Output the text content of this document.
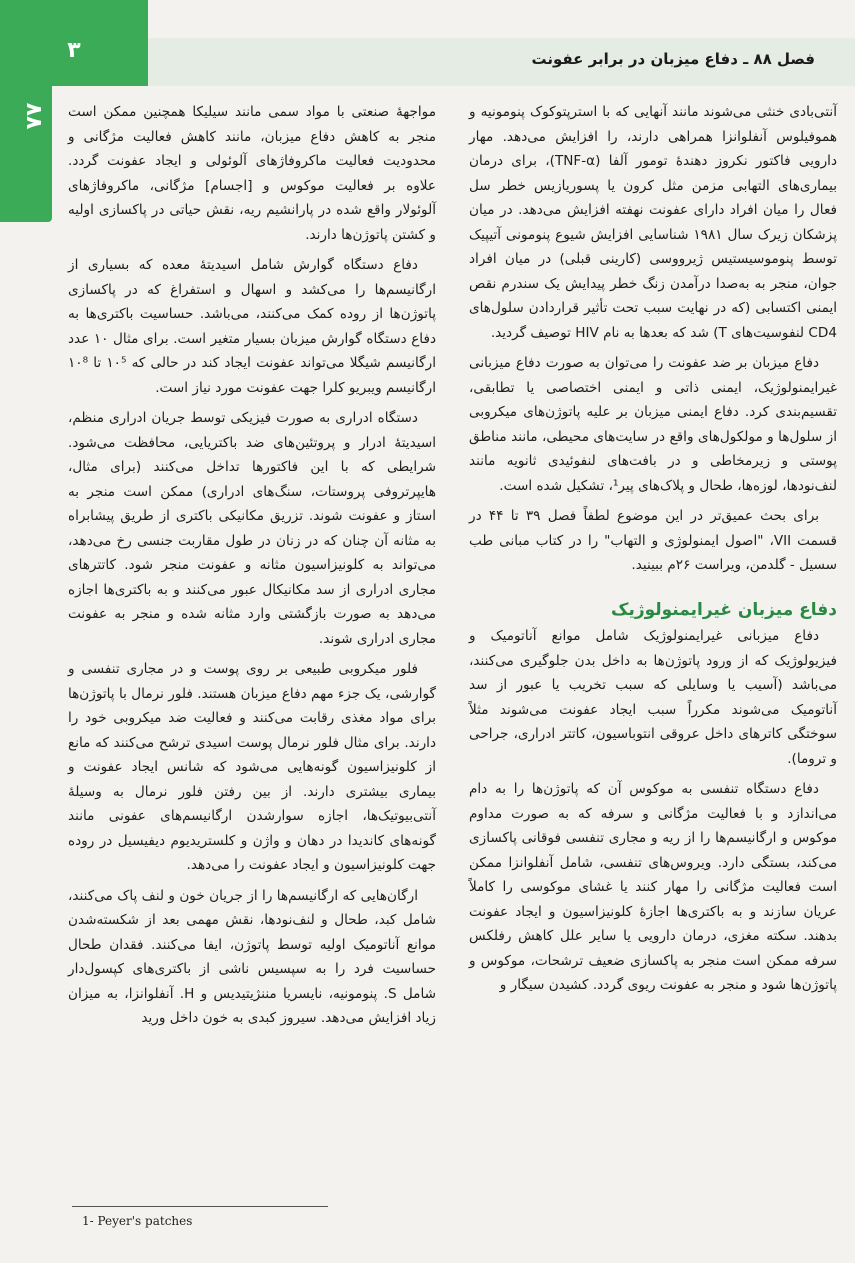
۳	فصل ۸۸ ـ دفاع میزبان در برابر عفونت
۸۸	آنتی‌بادی خنثی می‌شوند مانند آنهایی که با استرپتوکوک پنومونیه و هموفیلوس آنفلوانزا همراهی دارند، را افزایش می‌دهد. مهار دارویی فاکتور نکروز دهندهٔ تومور آلفا (TNF-α)، برای درمان بیماری‌های التهابی مزمن مثل کرون یا پسوریازیس خطر سل فعال را میان افراد دارای عفونت نهفته افزایش می‌دهد. در میان پزشکان زیرک سال ۱۹۸۱ شناسایی افزایش شیوع پنومونی آتیپیک توسط پنوموسیستیس ژیرووسی (کارینی قبلی) در میان افراد جوان، منجر به به‌صدا درآمدن زنگ خطر پیدایش یک سندرم نقص ایمنی اکتسابی (که در نهایت سبب تحت تأثیر قراردادن سلول‌های CD4 لنفوسیت‌های T) شد که بعدها به نام HIV توصیف گردید.

دفاع میزبان بر ضد عفونت را می‌توان به صورت دفاع میزبانی غیرایمنولوژیک، ایمنی ذاتی و ایمنی اختصاصی یا تطابقی، تقسیم‌بندی کرد. دفاع ایمنی میزبان بر علیه پاتوژن‌های میکروبی از سلول‌ها و مولکول‌های واقع در سایت‌های محیطی، مانند مناطق پوستی و زیرمخاطی و در بافت‌های لنفوئیدی ثانویه مانند لنف‌نودها، لوزه‌ها، طحال و پلاک‌های پیر¹، تشکیل شده است.

برای بحث عمیق‌تر در این موضوع لطفاً فصل ۳۹ تا ۴۴ در قسمت VII، "اصول ایمنولوژی و التهاب" را در کتاب مبانی طب سسیل - گلدمن، ویراست ۲۶م ببینید.

دفاع میزبان غیرایمنولوژیک

دفاع میزبانی غیرایمنولوژیک شامل موانع آناتومیک و فیزیولوژیک که از ورود پاتوژن‌ها به داخل بدن جلوگیری می‌کنند، می‌باشد (آسیب یا وسایلی که سبب تخریب یا عبور از سد آناتومیک می‌شوند مکرراً سبب ایجاد عفونت می‌شوند مثلاً سوختگی کاترهای داخل عروقی انتوباسیون، کاتتر ادراری، جراحی و تروما).

دفاع دستگاه تنفسی به موکوس آن که پاتوژن‌ها را به دام می‌اندازد و با فعالیت مژگانی و سرفه که به صورت مداوم موکوس و ارگانیسم‌ها را از ریه و مجاری تنفسی فوقانی پاکسازی می‌کند، بستگی دارد. ویروس‌های تنفسی، شامل آنفلوانزا ممکن است فعالیت مژگانی را مهار کنند یا غشای موکوسی را کاملاً عریان سازند و به باکتری‌ها اجازهٔ کلونیزاسیون و ایجاد عفونت بدهند. سکته مغزی، درمان دارویی یا سایر علل کاهش رفلکس سرفه ممکن است منجر به پاکسازی ضعیف ترشحات، موکوس و پاتوژن‌ها شود و منجر به عفونت ریوی گردد. کشیدن سیگار و

مواجههٔ صنعتی با مواد سمی مانند سیلیکا همچنین ممکن است منجر به کاهش دفاع میزبان، مانند کاهش فعالیت مژگانی و محدودیت فعالیت ماکروفاژهای آلوئولی و ایجاد عفونت گردد. علاوه بر فعالیت موکوس و [اجسام] مژگانی، ماکروفاژهای آلوئولار واقع شده در پارانشیم ریه، نقش حیاتی در پاکسازی اولیه و کشتن پاتوژن‌ها دارند.

دفاع دستگاه گوارش شامل اسیدیتهٔ معده که بسیاری از ارگانیسم‌ها را می‌کشد و اسهال و استفراغ که در پاکسازی پاتوژن‌ها از روده کمک می‌کنند، می‌باشد. حساسیت باکتری‌ها به دفاع دستگاه گوارش میزبان بسیار متغیر است. برای مثال ۱۰ عدد ارگانیسم شیگلا می‌تواند عفونت ایجاد کند در حالی که ۱۰⁵ تا ۱۰⁸ ارگانیسم ویبریو کلرا جهت عفونت مورد نیاز است.

دستگاه ادراری به صورت فیزیکی توسط جریان ادراری منظم، اسیدیتهٔ ادرار و پروتئین‌های ضد باکتریایی، محافظت می‌شود. شرایطی که با این فاکتورها تداخل می‌کنند (برای مثال، هایپرتروفی پروستات، سنگ‌های ادراری) ممکن است منجر به استاز و عفونت شوند. تزریق مکانیکی باکتری از طریق پیشابراه به مثانه آن چنان که در زنان در طول مقاربت جنسی رخ می‌دهد، می‌تواند به کلونیزاسیون مثانه و عفونت منجر شود. کاتترهای مجاری ادراری از سد مکانیکال عبور می‌کنند و به باکتری‌ها اجازه می‌دهد به صورت بازگشتی وارد مثانه شده و منجر به عفونت مجاری ادراری شوند.

فلور میکروبی طبیعی بر روی پوست و در مجاری تنفسی و گوارشی، یک جزء مهم دفاع میزبان هستند. فلور نرمال با پاتوژن‌ها برای مواد مغذی رقابت می‌کنند و فعالیت ضد میکروبی خود را دارند. برای مثال فلور نرمال پوست اسیدی ترشح می‌کنند که مانع از کلونیزاسیون گونه‌هایی می‌شود که شانس ایجاد عفونت و بیماری بیشتری دارند. از بین رفتن فلور نرمال به وسیلهٔ آنتی‌بیوتیک‌ها، اجازه سوارشدن ارگانیسم‌های عفونی مانند گونه‌های کاندیدا در دهان و واژن و کلستریدیوم دیفیسیل در روده جهت کلونیزاسیون و ایجاد عفونت را می‌دهد.

ارگان‌هایی که ارگانیسم‌ها را از جریان خون و لنف پاک می‌کنند، شامل کبد، طحال و لنف‌نودها، نقش مهمی بعد از شکسته‌شدن موانع آناتومیک اولیه توسط پاتوژن، ایفا می‌کنند. فقدان طحال حساسیت فرد را به سپسیس ناشی از باکتری‌های کپسول‌دار شامل S. پنومونیه، نایسریا مننژیتیدیس و H. آنفلوانزا، به میزان زیاد افزایش می‌دهد. سیروز کبدی به خون داخل ورید

1- Peyer's patches
